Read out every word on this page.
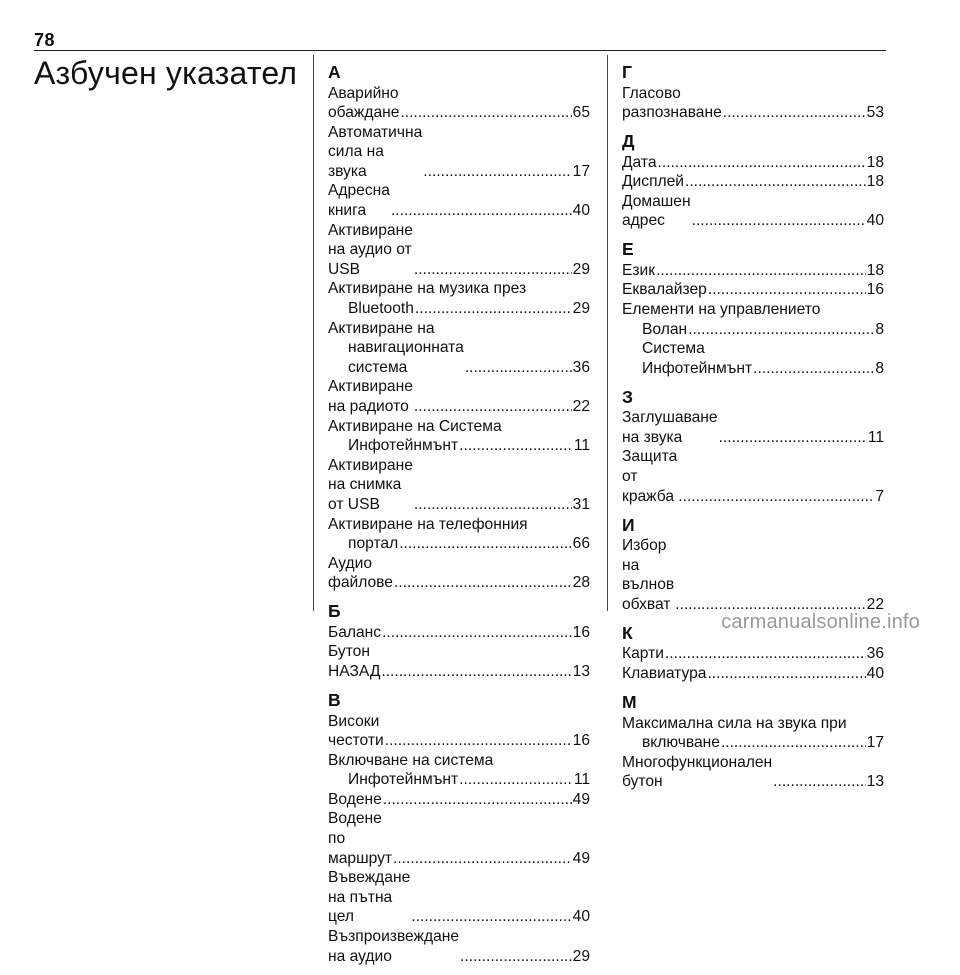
78
Азбучен указател А
Аварийно обаждане .....	65
Автоматична сила на звука .....	17
Адресна книга .....	40
Активиране на аудио от USB .....	29
Активиране на музика през
Bluetooth .....	29
Активиране на
навигационната система .....	36
Активиране на радиото .....	22
Активиране на Система
Инфотейнмънт .....	11
Активиране на снимка от USB .....	31
Активиране на телефонния
портал .....	66
Аудио файлове .....	28
Б
Баланс .....	16
Бутон НАЗАД .....	13
В
Високи честоти .....	16
Включване на система
Инфотейнмънт .....	11
Водене .....	49
Водене по маршрут .....	49
Въвеждане на пътна цел .....	40
Възпроизвеждане на аудио .....	29
Г
Гласово разпознаване .....	53
Д
Дата .....	18
Дисплей .....	18
Домашен адрес .....	40
Е
Език .....	18
Еквалайзер .....	16
Елементи на управлението
Волан .....	8
Система Инфотейнмънт .....	8
З
Заглушаване на звука .....	11
Защита от кражба .....	7
И
Избор на вълнов обхват .....	22
К
Карти .....	36
Клавиатура .....	40
М
Максимална сила на звука при
включване .....	17
Многофункционален бутон .....	13
carmanualsonline.info
